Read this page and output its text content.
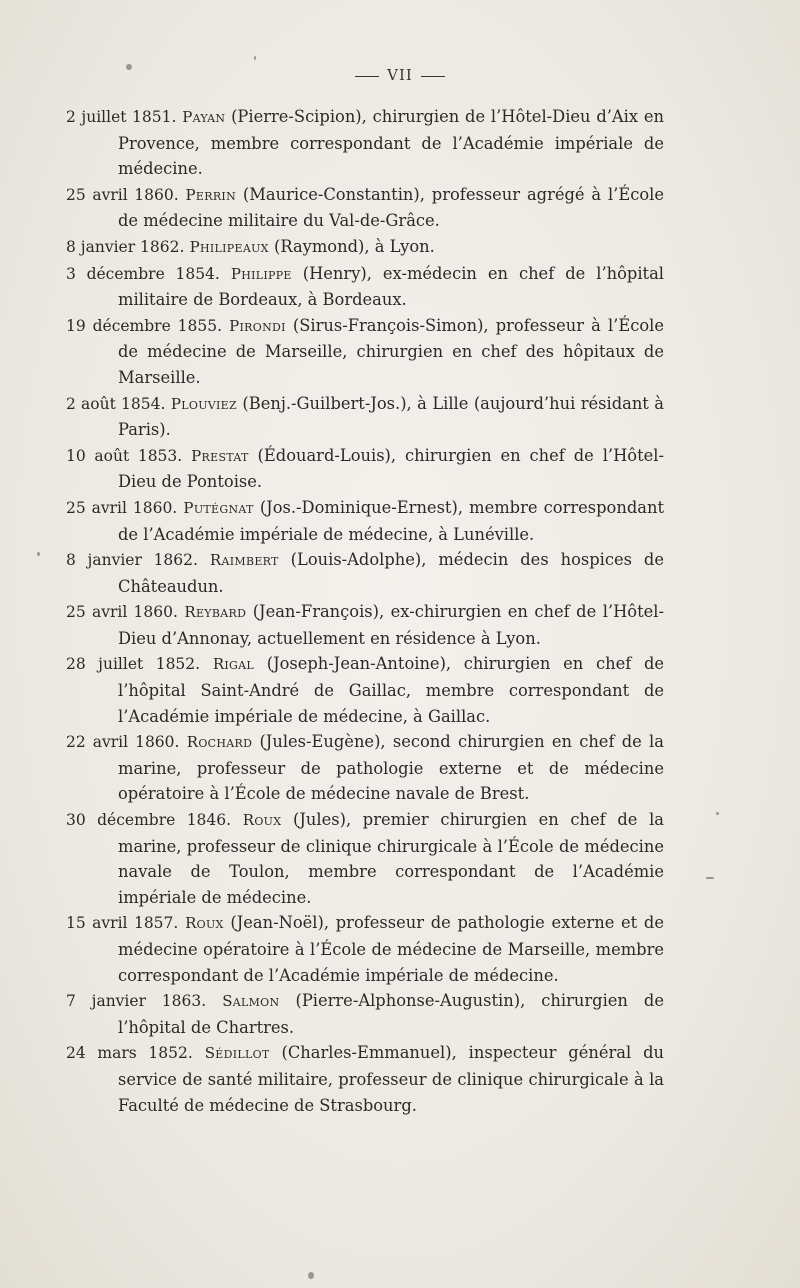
VII

2 juillet 1851. Payan (Pierre-Scipion), chirurgien de l’Hôtel-Dieu d’Aix en Provence, membre correspondant de l’Académie impériale de médecine.

25 avril 1860. Perrin (Maurice-Constantin), professeur agrégé à l’École de médecine militaire du Val-de-Grâce.

8 janvier 1862. Philipeaux (Raymond), à Lyon.

3 décembre 1854. Philippe (Henry), ex-médecin en chef de l’hôpital militaire de Bordeaux, à Bordeaux.

19 décembre 1855. Pirondi (Sirus-François-Simon), professeur à l’École de médecine de Marseille, chirurgien en chef des hôpitaux de Marseille.

2 août 1854. Plouviez (Benj.-Guilbert-Jos.), à Lille (aujourd’hui résidant à Paris).

10 août 1853. Prestat (Édouard-Louis), chirurgien en chef de l’Hôtel-Dieu de Pontoise.

25 avril 1860. Putégnat (Jos.-Dominique-Ernest), membre correspondant de l’Académie impériale de médecine, à Lunéville.

8 janvier 1862. Raimbert (Louis-Adolphe), médecin des hospices de Châteaudun.

25 avril 1860. Reybard (Jean-François), ex-chirurgien en chef de l’Hôtel-Dieu d’Annonay, actuellement en résidence à Lyon.

28 juillet 1852. Rigal (Joseph-Jean-Antoine), chirurgien en chef de l’hôpital Saint-André de Gaillac, membre correspondant de l’Académie impériale de médecine, à Gaillac.

22 avril 1860. Rochard (Jules-Eugène), second chirurgien en chef de la marine, professeur de pathologie externe et de médecine opératoire à l’École de médecine navale de Brest.

30 décembre 1846. Roux (Jules), premier chirurgien en chef de la marine, professeur de clinique chirurgicale à l’École de médecine navale de Toulon, membre correspondant de l’Académie impériale de médecine.

15 avril 1857. Roux (Jean-Noël), professeur de pathologie externe et de médecine opératoire à l’École de médecine de Marseille, membre correspondant de l’Académie impériale de médecine.

7 janvier 1863. Salmon (Pierre-Alphonse-Augustin), chirurgien de l’hôpital de Chartres.

24 mars 1852. Sédillot (Charles-Emmanuel), inspecteur général du service de santé militaire, professeur de clinique chirurgicale à la Faculté de médecine de Strasbourg.
